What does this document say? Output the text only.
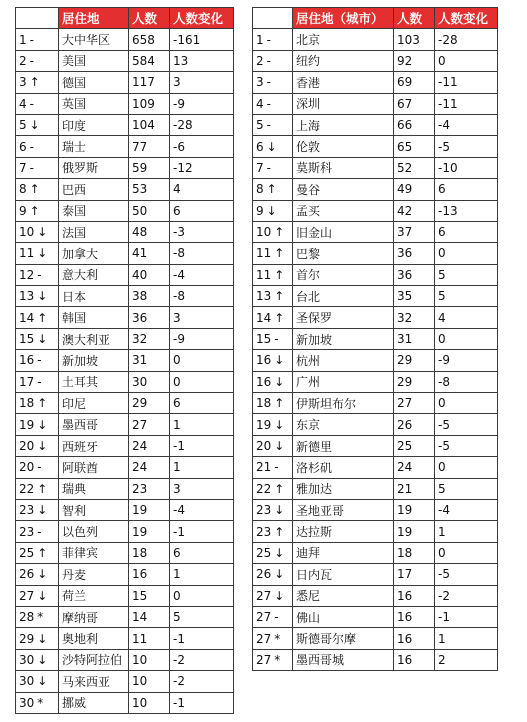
	居住地	人数	人数变化
1 -	大中华区	658	-161
2 -	美国	584	13
3 ↑	德国	117	3
4 -	英国	109	-9
5 ↓	印度	104	-28
6 -	瑞士	77	-6
7 -	俄罗斯	59	-12
8 ↑	巴西	53	4
9 ↑	泰国	50	6
10 ↓	法国	48	-3
11 ↓	加拿大	41	-8
12 -	意大利	40	-4
13 ↓	日本	38	-8
14 ↑	韩国	36	3
15 ↓	澳大利亚	32	-9
16 -	新加坡	31	0
17 -	土耳其	30	0
18 ↑	印尼	29	6
19 ↓	墨西哥	27	1
20 ↓	西班牙	24	-1
20 -	阿联酋	24	1
22 ↑	瑞典	23	3
23 ↓	智利	19	-4
23 -	以色列	19	-1
25 ↑	菲律宾	18	6
26 ↓	丹麦	16	1
27 ↓	荷兰	15	0
28 *	摩纳哥	14	5
29 ↓	奥地利	11	-1
30 ↓	沙特阿拉伯	10	-2
30 ↓	马来西亚	10	-2
30 *	挪威	10	-1
	居住地（城市）	人数	人数变化
1 -	北京	103	-28
2 -	纽约	92	0
3 -	香港	69	-11
4 -	深圳	67	-11
5 -	上海	66	-4
6 ↓	伦敦	65	-5
7 -	莫斯科	52	-10
8 ↑	曼谷	49	6
9 ↓	孟买	42	-13
10 ↑	旧金山	37	6
11 ↑	巴黎	36	0
11 ↑	首尔	36	5
13 ↑	台北	35	5
14 ↑	圣保罗	32	4
15 -	新加坡	31	0
16 ↓	杭州	29	-9
16 ↓	广州	29	-8
18 ↑	伊斯坦布尔	27	0
19 ↓	东京	26	-5
20 ↓	新德里	25	-5
21 -	洛杉矶	24	0
22 ↑	雅加达	21	5
23 ↓	圣地亚哥	19	-4
23 ↑	达拉斯	19	1
25 ↓	迪拜	18	0
26 ↓	日内瓦	17	-5
27 ↓	悉尼	16	-2
27 -	佛山	16	-1
27 *	斯德哥尔摩	16	1
27 *	墨西哥城	16	2
